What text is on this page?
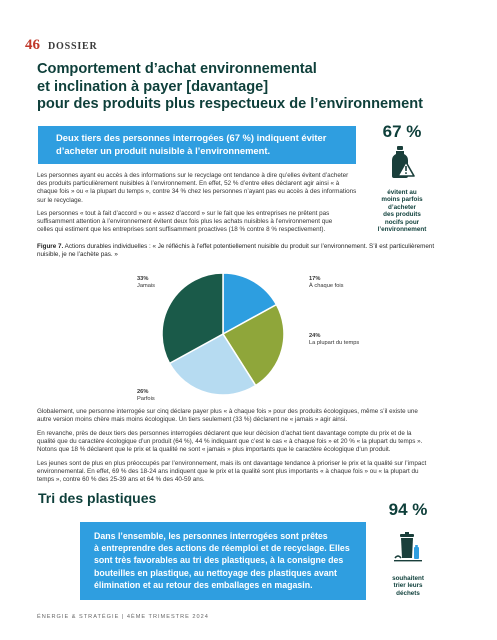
46 DOSSIER
Comportement d’achat environnemental
et inclination à payer [davantage]
pour des produits plus respectueux de l’environnement
Deux tiers des personnes interrogées (67 %) indiquent éviter
d’acheter un produit nuisible à l’environnement.
67 %
évitent au
moins parfois
d’acheter
des produits
nocifs pour
l’environnement
Les personnes ayant eu accès à des informations sur le recyclage ont tendance à dire qu’elles évitent d’acheter
des produits particulièrement nuisibles à l’environnement. En effet, 52 % d’entre elles déclarent agir ainsi « à
chaque fois » ou « la plupart du temps », contre 34 % chez les personnes n’ayant pas eu accès à des informations
sur le recyclage.
Les personnes « tout à fait d’accord » ou « assez d’accord » sur le fait que les entreprises ne prêtent pas
suffisamment attention à l’environnement évitent deux fois plus les achats nuisibles à l’environnement que
celles qui estiment que les entreprises sont suffisamment proactives (18 % contre 8 % respectivement).
Figure 7. Actions durables individuelles : « Je réfléchis à l’effet potentiellement nuisible du produit sur l’environnement. S’il est particulièrement
nuisible, je ne l’achète pas. »
33%
Jamais
17%
À chaque fois
24%
La plupart du temps
26%
Parfois
Globalement, une personne interrogée sur cinq déclare payer plus « à chaque fois » pour des produits écologiques, même s’il existe une
autre version moins chère mais moins écologique. Un tiers seulement (33 %) déclarent ne « jamais » agir ainsi.
En revanche, près de deux tiers des personnes interrogées déclarent que leur décision d’achat tient davantage compte du prix et de la
qualité que du caractère écologique d’un produit (64 %), 44 % indiquant que c’est le cas « à chaque fois » et 20 % « la plupart du temps ».
Notons que 18 % déclarent que le prix et la qualité ne sont « jamais » plus importants que le caractère écologique d’un produit.
Les jeunes sont de plus en plus préoccupés par l’environnement, mais ils ont davantage tendance à prioriser le prix et la qualité sur l’impact
environnemental. En effet, 69 % des 18-24 ans indiquent que le prix et la qualité sont plus importants « à chaque fois » ou « la plupart du
temps », contre 60 % des 25-39 ans et 64 % des 40-59 ans.
Tri des plastiques
Dans l’ensemble, les personnes interrogées sont prêtes
à entreprendre des actions de réemploi et de recyclage. Elles
sont très favorables au tri des plastiques, à la consigne des
bouteilles en plastique, au nettoyage des plastiques avant
élimination et au retour des emballages en magasin.
94 %
souhaitent
trier leurs
déchets
ÉNERGIE & STRATÉGIE | 4ÈME TRIMESTRE 2024
